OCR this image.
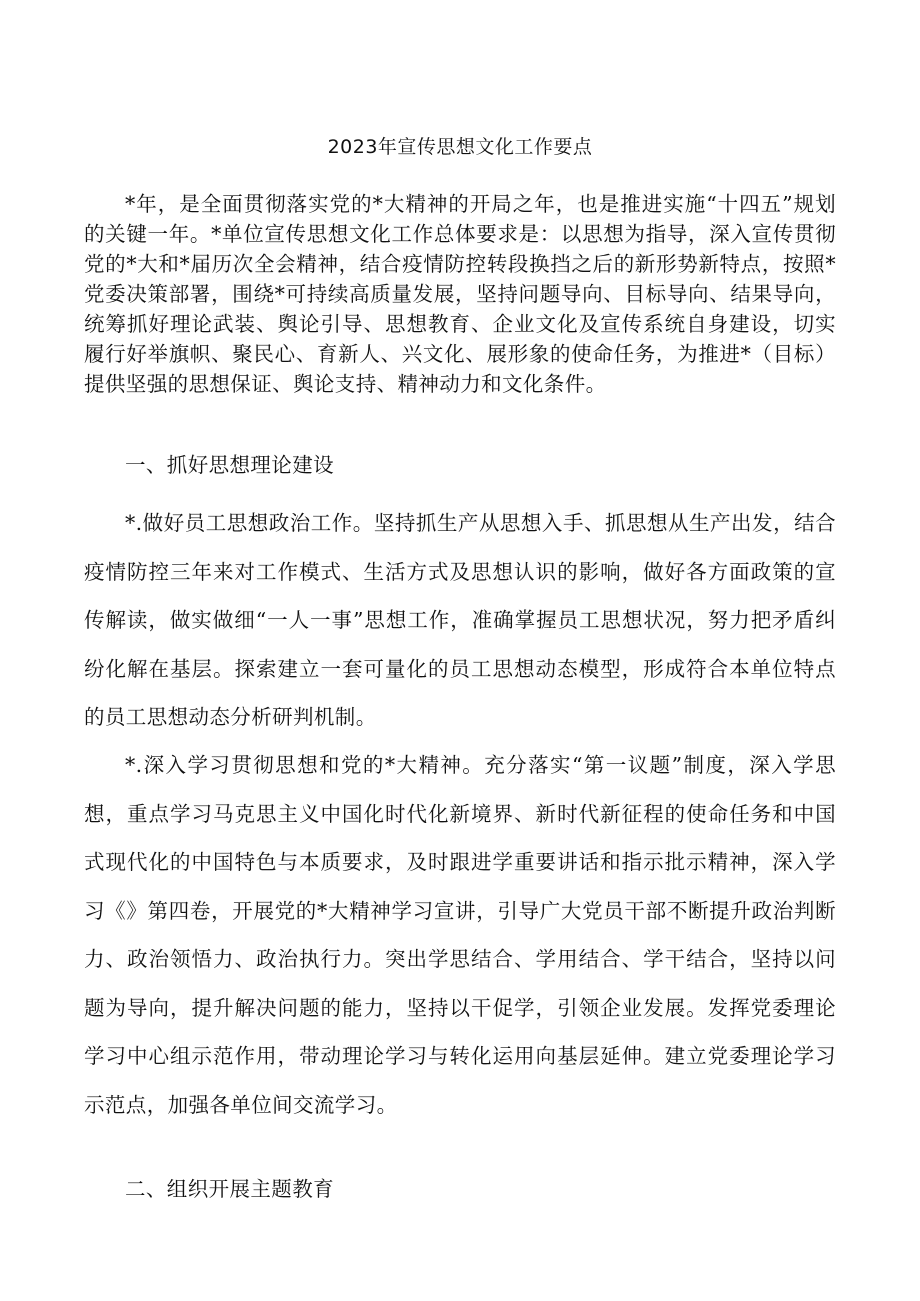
2023年宣传思想文化工作要点

*年，是全面贯彻落实党的*大精神的开局之年，也是推进实施“十四五”规划的关键一年。*单位宣传思想文化工作总体要求是：以思想为指导，深入宣传贯彻党的*大和*届历次全会精神，结合疫情防控转段换挡之后的新形势新特点，按照*党委决策部署，围绕*可持续高质量发展，坚持问题导向、目标导向、结果导向，统筹抓好理论武装、舆论引导、思想教育、企业文化及宣传系统自身建设，切实履行好举旗帜、聚民心、育新人、兴文化、展形象的使命任务，为推进*（目标）提供坚强的思想保证、舆论支持、精神动力和文化条件。

一、抓好思想理论建设

*.做好员工思想政治工作。坚持抓生产从思想入手、抓思想从生产出发，结合疫情防控三年来对工作模式、生活方式及思想认识的影响，做好各方面政策的宣传解读，做实做细“一人一事”思想工作，准确掌握员工思想状况，努力把矛盾纠纷化解在基层。探索建立一套可量化的员工思想动态模型，形成符合本单位特点的员工思想动态分析研判机制。

*.深入学习贯彻思想和党的*大精神。充分落实“第一议题”制度，深入学思想，重点学习马克思主义中国化时代化新境界、新时代新征程的使命任务和中国式现代化的中国特色与本质要求，及时跟进学重要讲话和指示批示精神，深入学习《》第四卷，开展党的*大精神学习宣讲，引导广大党员干部不断提升政治判断力、政治领悟力、政治执行力。突出学思结合、学用结合、学干结合，坚持以问题为导向，提升解决问题的能力，坚持以干促学，引领企业发展。发挥党委理论学习中心组示范作用，带动理论学习与转化运用向基层延伸。建立党委理论学习示范点，加强各单位间交流学习。

二、组织开展主题教育
